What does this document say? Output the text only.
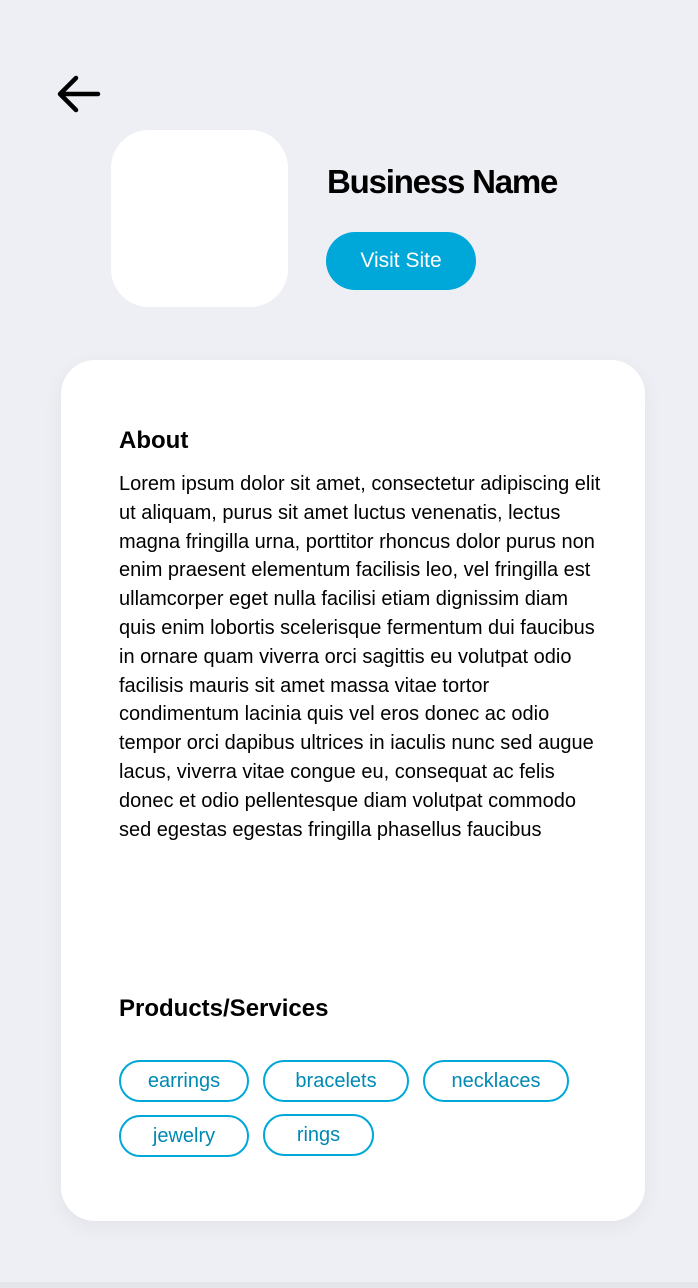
Business Name
Visit Site
About

Lorem ipsum dolor sit amet, consectetur adipiscing elit ut aliquam, purus sit amet luctus venenatis, lectus magna fringilla urna, porttitor rhoncus dolor purus non enim praesent elementum facilisis leo, vel fringilla est ullamcorper eget nulla facilisi etiam dignissim diam quis enim lobortis scelerisque fermentum dui faucibus in ornare quam viverra orci sagittis eu volutpat odio facilisis mauris sit amet massa vitae tortor condimentum lacinia quis vel eros donec ac odio tempor orci dapibus ultrices in iaculis nunc sed augue lacus, viverra vitae congue eu, consequat ac felis donec et odio pellentesque diam volutpat commodo sed egestas egestas fringilla phasellus faucibus

Products/Services
earrings	bracelets	necklaces
jewelry	rings
